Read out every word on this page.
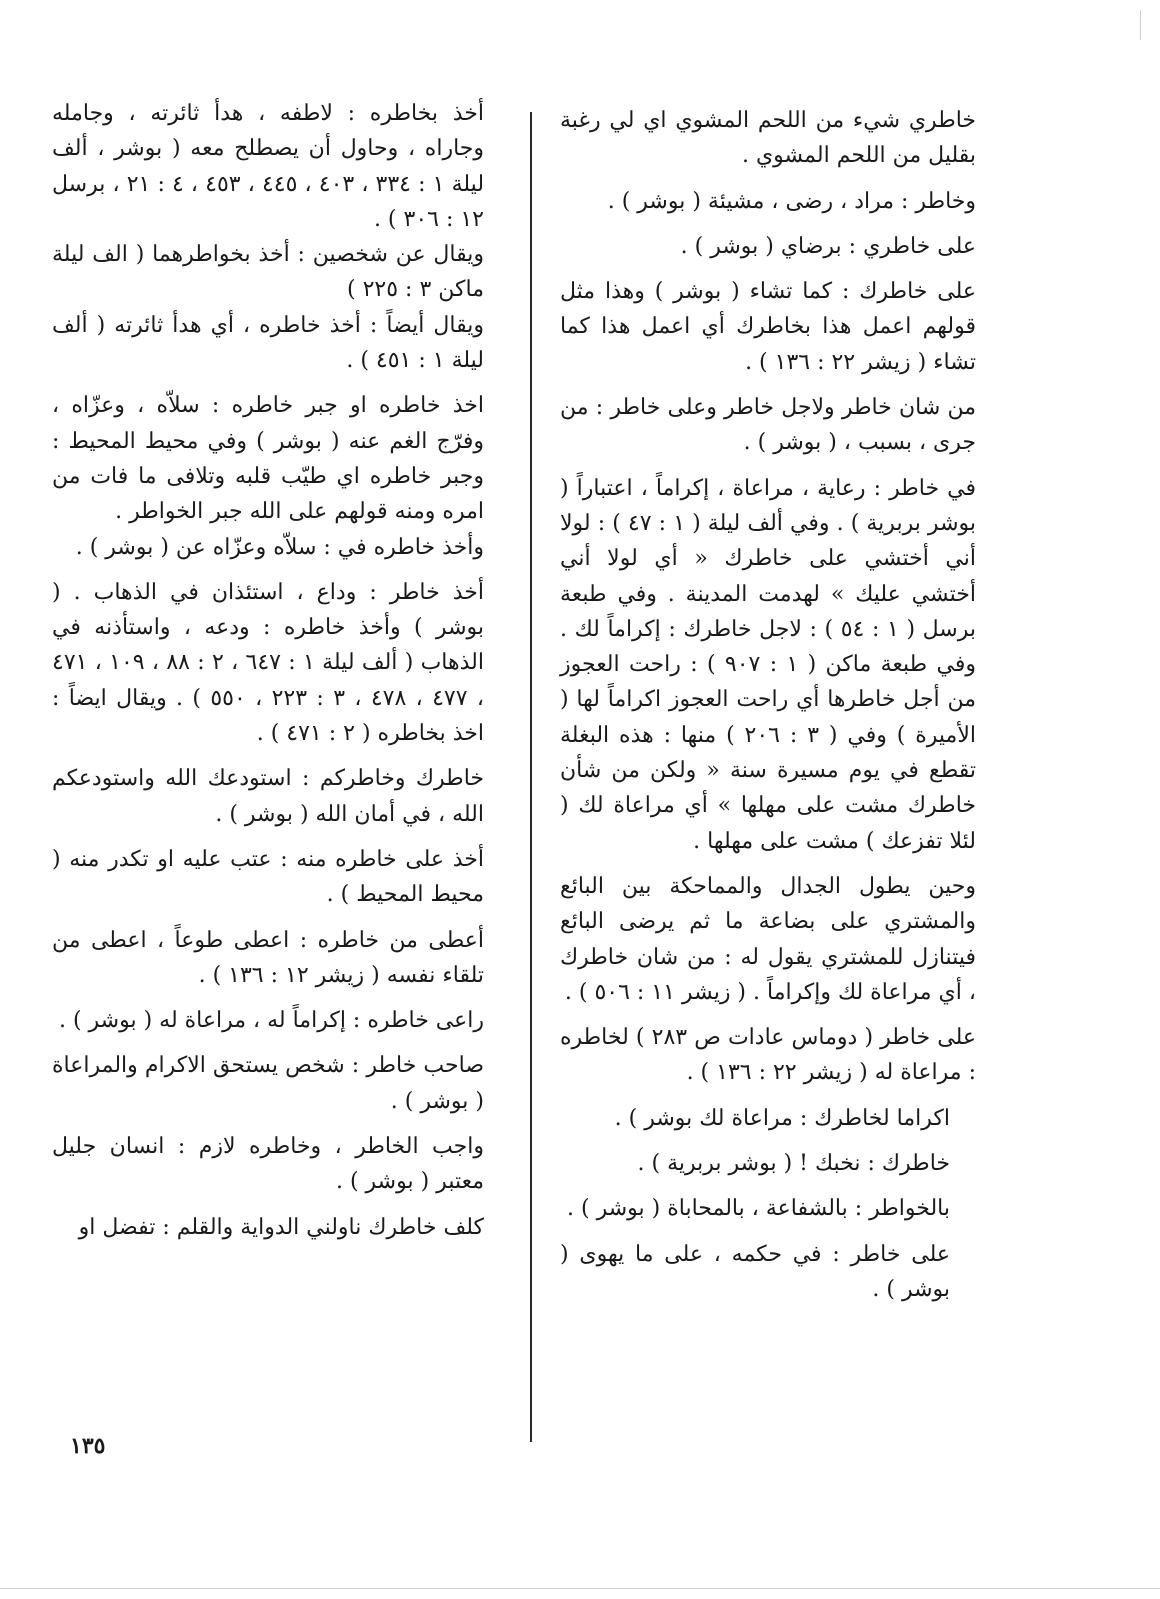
خاطري شيء من اللحم المشوي اي لي رغبة بقليل من اللحم المشوي .

وخاطر : مراد ، رضى ، مشيئة ( بوشر ) .

على خاطري : برضاي ( بوشر ) .

على خاطرك : كما تشاء ( بوشر ) وهذا مثل قولهم اعمل هذا بخاطرك أي اعمل هذا كما تشاء ( زيشر ٢٢ : ١٣٦ ) .

من شان خاطر ولاجل خاطر وعلى خاطر : من جرى ، بسبب ، ( بوشر ) .

في خاطر : رعاية ، مراعاة ، إكراماً ، اعتباراً ( بوشر بربرية ) . وفي ألف ليلة ( ١ : ٤٧ ) : لولا أني أختشي على خاطرك « أي لولا أني أختشي عليك » لهدمت المدينة . وفي طبعة برسل ( ١ : ٥٤ ) : لاجل خاطرك : إكراماً لك . وفي طبعة ماكن ( ١ : ٩٠٧ ) : راحت العجوز من أجل خاطرها أي راحت العجوز اكراماً لها ( الأميرة ) وفي ( ٣ : ٢٠٦ ) منها : هذه البغلة تقطع في يوم مسيرة سنة « ولكن من شأن خاطرك مشت على مهلها » أي مراعاة لك ( لئلا تفزعك ) مشت على مهلها .

وحين يطول الجدال والمماحكة بين البائع والمشتري على بضاعة ما ثم يرضى البائع فيتنازل للمشتري يقول له : من شان خاطرك ، أي مراعاة لك وإكراماً . ( زيشر ١١ : ٥٠٦ ) .

على خاطر ( دوماس عادات ص ٢٨٣ ) لخاطره : مراعاة له ( زيشر ٢٢ : ١٣٦ ) .

اكراما لخاطرك : مراعاة لك بوشر ) .

خاطرك : نخبك ! ( بوشر بربرية ) .

بالخواطر : بالشفاعة ، بالمحاباة ( بوشر ) .

على خاطر : في حكمه ، على ما يهوى ( بوشر ) .

أخذ بخاطره : لاطفه ، هدأ ثائرته ، وجامله وجاراه ، وحاول أن يصطلح معه ( بوشر ، ألف ليلة ١ : ٣٣٤ ، ٤٠٣ ، ٤٤٥ ، ٤٥٣ ، ٤ : ٢١ ، برسل ١٢ : ٣٠٦ ) .

ويقال عن شخصين : أخذ بخواطرهما ( الف ليلة ماكن ٣ : ٢٢٥ )

ويقال أيضاً : أخذ خاطره ، أي هدأ ثائرته ( ألف ليلة ١ : ٤٥١ ) .

اخذ خاطره او جبر خاطره : سلاّه ، وعزّاه ، وفرّج الغم عنه ( بوشر ) وفي محيط المحيط : وجبر خاطره اي طيّب قلبه وتلافى ما فات من امره ومنه قولهم على الله جبر الخواطر .

وأخذ خاطره في : سلاّه وعزّاه عن ( بوشر ) .

أخذ خاطر : وداع ، استئذان في الذهاب . ( بوشر ) وأخذ خاطره : ودعه ، واستأذنه في الذهاب ( ألف ليلة ١ : ٦٤٧ ، ٢ : ٨٨ ، ١٠٩ ، ٤٧١ ، ٤٧٧ ، ٤٧٨ ، ٣ : ٢٢٣ ، ٥٥٠ ) . ويقال ايضاً : اخذ بخاطره ( ٢ : ٤٧١ ) .

خاطرك وخاطركم : استودعك الله واستودعكم الله ، في أمان الله ( بوشر ) .

أخذ على خاطره منه : عتب عليه او تكدر منه ( محيط المحيط ) .

أعطى من خاطره : اعطى طوعاً ، اعطى من تلقاء نفسه ( زيشر ١٢ : ١٣٦ ) .

راعى خاطره : إكراماً له ، مراعاة له ( بوشر ) .

صاحب خاطر : شخص يستحق الاكرام والمراعاة ( بوشر ) .

واجب الخاطر ، وخاطره لازم : انسان جليل معتبر ( بوشر ) .

كلف خاطرك ناولني الدواية والقلم : تفضل او

١٣٥
